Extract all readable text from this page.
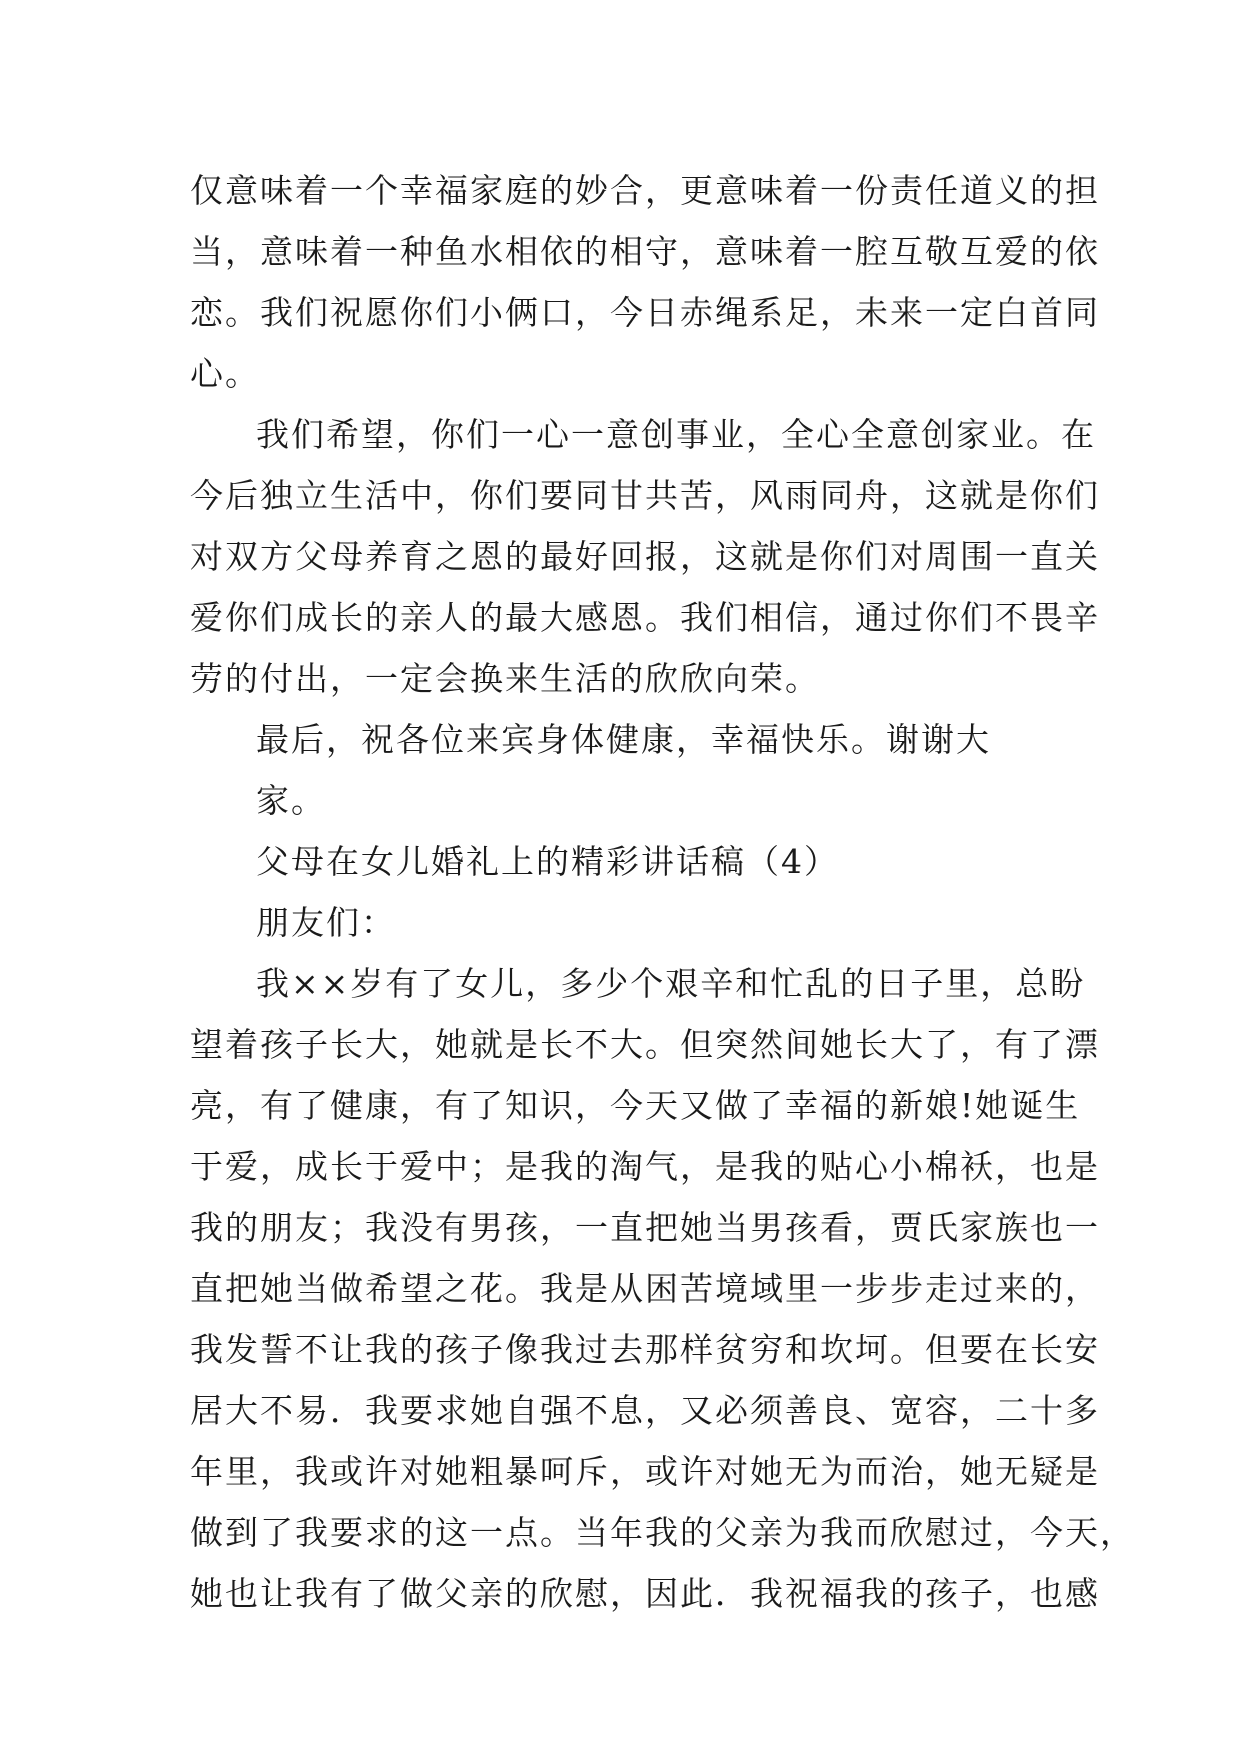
仅意味着一个幸福家庭的妙合，更意味着一份责任道义的担
当，意味着一种鱼水相依的相守，意味着一腔互敬互爱的依
恋。我们祝愿你们小俩口，今日赤绳系足，未来一定白首同
心。
我们希望，你们一心一意创事业，全心全意创家业。在
今后独立生活中，你们要同甘共苦，风雨同舟，这就是你们
对双方父母养育之恩的最好回报，这就是你们对周围一直关
爱你们成长的亲人的最大感恩。我们相信，通过你们不畏辛
劳的付出，一定会换来生活的欣欣向荣。
最后，祝各位来宾身体健康，幸福快乐。谢谢大
家。
父母在女儿婚礼上的精彩讲话稿（4）
朋友们：
我××岁有了女儿，多少个艰辛和忙乱的日子里，总盼
望着孩子长大，她就是长不大。但突然间她长大了，有了漂
亮，有了健康，有了知识，今天又做了幸福的新娘!她诞生
于爱，成长于爱中；是我的淘气，是我的贴心小棉袄，也是
我的朋友；我没有男孩，一直把她当男孩看，贾氏家族也一
直把她当做希望之花。我是从困苦境域里一步步走过来的，
我发誓不让我的孩子像我过去那样贫穷和坎坷。但要在长安
居大不易．我要求她自强不息，又必须善良、宽容，二十多
年里，我或许对她粗暴呵斥，或许对她无为而治，她无疑是
做到了我要求的这一点。当年我的父亲为我而欣慰过，今天，
她也让我有了做父亲的欣慰，因此．我祝福我的孩子，也感
